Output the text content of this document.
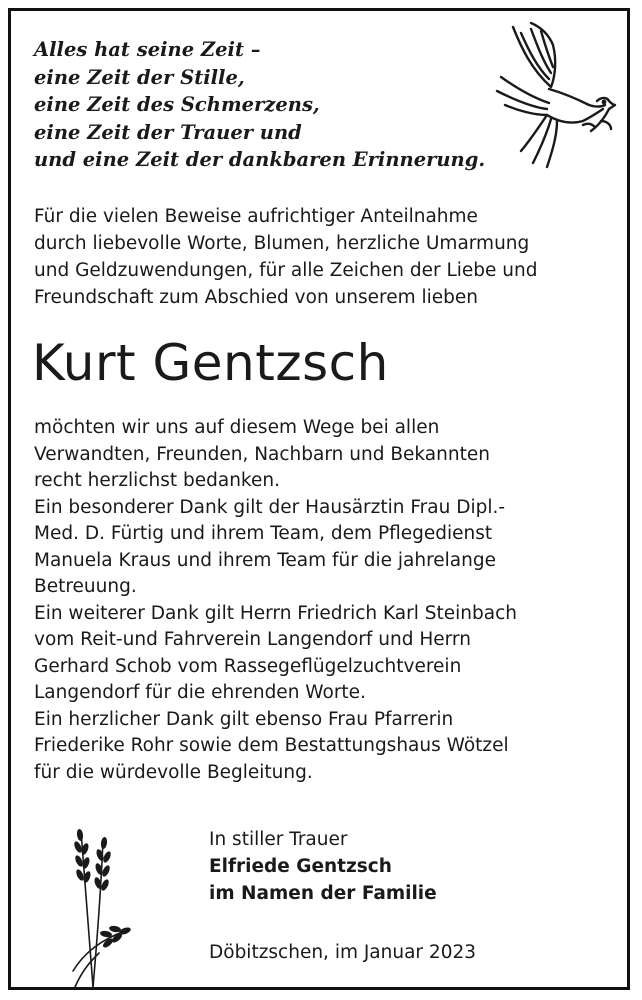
Alles hat seine Zeit –
eine Zeit der Stille,
eine Zeit des Schmerzens,
eine Zeit der Trauer und
und eine Zeit der dankbaren Erinnerung.
Für die vielen Beweise aufrichtiger Anteilnahme
durch liebevolle Worte, Blumen, herzliche Umarmung
und Geldzuwendungen, für alle Zeichen der Liebe und
Freundschaft zum Abschied von unserem lieben
Kurt Gentzsch
möchten wir uns auf diesem Wege bei allen
Verwandten, Freunden, Nachbarn und Bekannten
recht herzlichst bedanken.
Ein besonderer Dank gilt der Hausärztin Frau Dipl.-
Med. D. Fürtig und ihrem Team, dem Pflegedienst
Manuela Kraus und ihrem Team für die jahrelange
Betreuung.
Ein weiterer Dank gilt Herrn Friedrich Karl Steinbach
vom Reit-und Fahrverein Langendorf und Herrn
Gerhard Schob vom Rassegeflügelzuchtverein
Langendorf für die ehrenden Worte.
Ein herzlicher Dank gilt ebenso Frau Pfarrerin
Friederike Rohr sowie dem Bestattungshaus Wötzel
für die würdevolle Begleitung.
In stiller Trauer
Elfriede Gentzsch
im Namen der Familie
Döbitzschen, im Januar 2023
